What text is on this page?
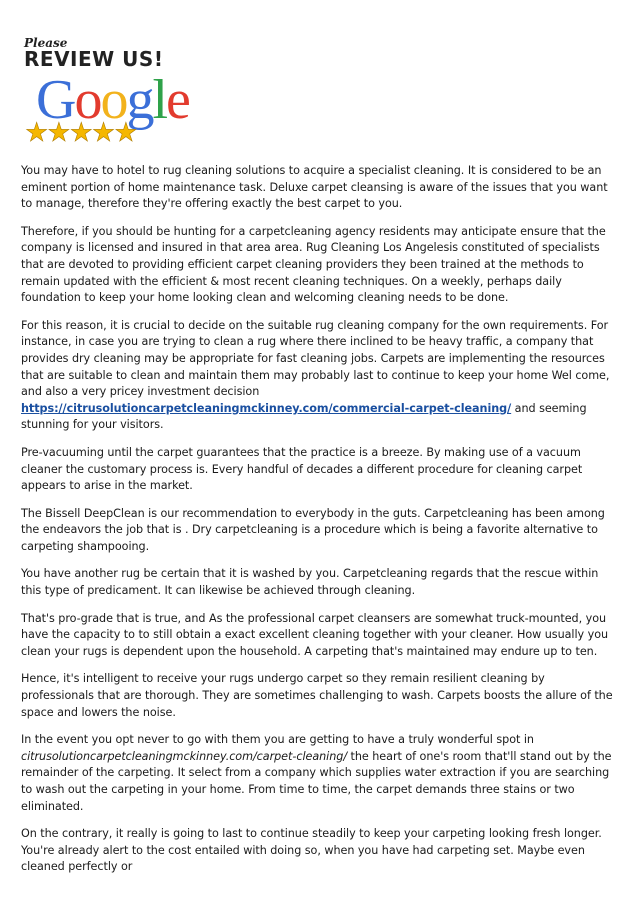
Please
REVIEW US!
Google
★★★★★

You may have to hotel to rug cleaning solutions to acquire a specialist cleaning. It is considered to be an eminent portion of home maintenance task. Deluxe carpet cleansing is aware of the issues that you want to manage, therefore they're offering exactly the best carpet to you.

Therefore, if you should be hunting for a carpetcleaning agency residents may anticipate ensure that the company is licensed and insured in that area area. Rug Cleaning Los Angelesis constituted of specialists that are devoted to providing efficient carpet cleaning providers they been trained at the methods to remain updated with the efficient & most recent cleaning techniques. On a weekly, perhaps daily foundation to keep your home looking clean and welcoming cleaning needs to be done.

For this reason, it is crucial to decide on the suitable rug cleaning company for the own requirements. For instance, in case you are trying to clean a rug where there inclined to be heavy traffic, a company that provides dry cleaning may be appropriate for fast cleaning jobs. Carpets are implementing the resources that are suitable to clean and maintain them may probably last to continue to keep your home Wel come, and also a very pricey investment decision https://citrusolutioncarpetcleaningmckinney.com/commercial-carpet-cleaning/ and seeming stunning for your visitors.

Pre-vacuuming until the carpet guarantees that the practice is a breeze. By making use of a vacuum cleaner the customary process is. Every handful of decades a different procedure for cleaning carpet appears to arise in the market.

The Bissell DeepClean is our recommendation to everybody in the guts. Carpetcleaning has been among the endeavors the job that is . Dry carpetcleaning is a procedure which is being a favorite alternative to carpeting shampooing.

You have another rug be certain that it is washed by you. Carpetcleaning regards that the rescue within this type of predicament. It can likewise be achieved through cleaning.

That's pro-grade that is true, and As the professional carpet cleansers are somewhat truck-mounted, you have the capacity to to still obtain a exact excellent cleaning together with your cleaner. How usually you clean your rugs is dependent upon the household. A carpeting that's maintained may endure up to ten.

Hence, it's intelligent to receive your rugs undergo carpet so they remain resilient cleaning by professionals that are thorough. They are sometimes challenging to wash. Carpets boosts the allure of the space and lowers the noise.

In the event you opt never to go with them you are getting to have a truly wonderful spot in citrusolutioncarpetcleaningmckinney.com/carpet-cleaning/ the heart of one's room that'll stand out by the remainder of the carpeting. It select from a company which supplies water extraction if you are searching to wash out the carpeting in your home. From time to time, the carpet demands three stains or two eliminated.

On the contrary, it really is going to last to continue steadily to keep your carpeting looking fresh longer. You're already alert to the cost entailed with doing so, when you have had carpeting set. Maybe even cleaned perfectly or
